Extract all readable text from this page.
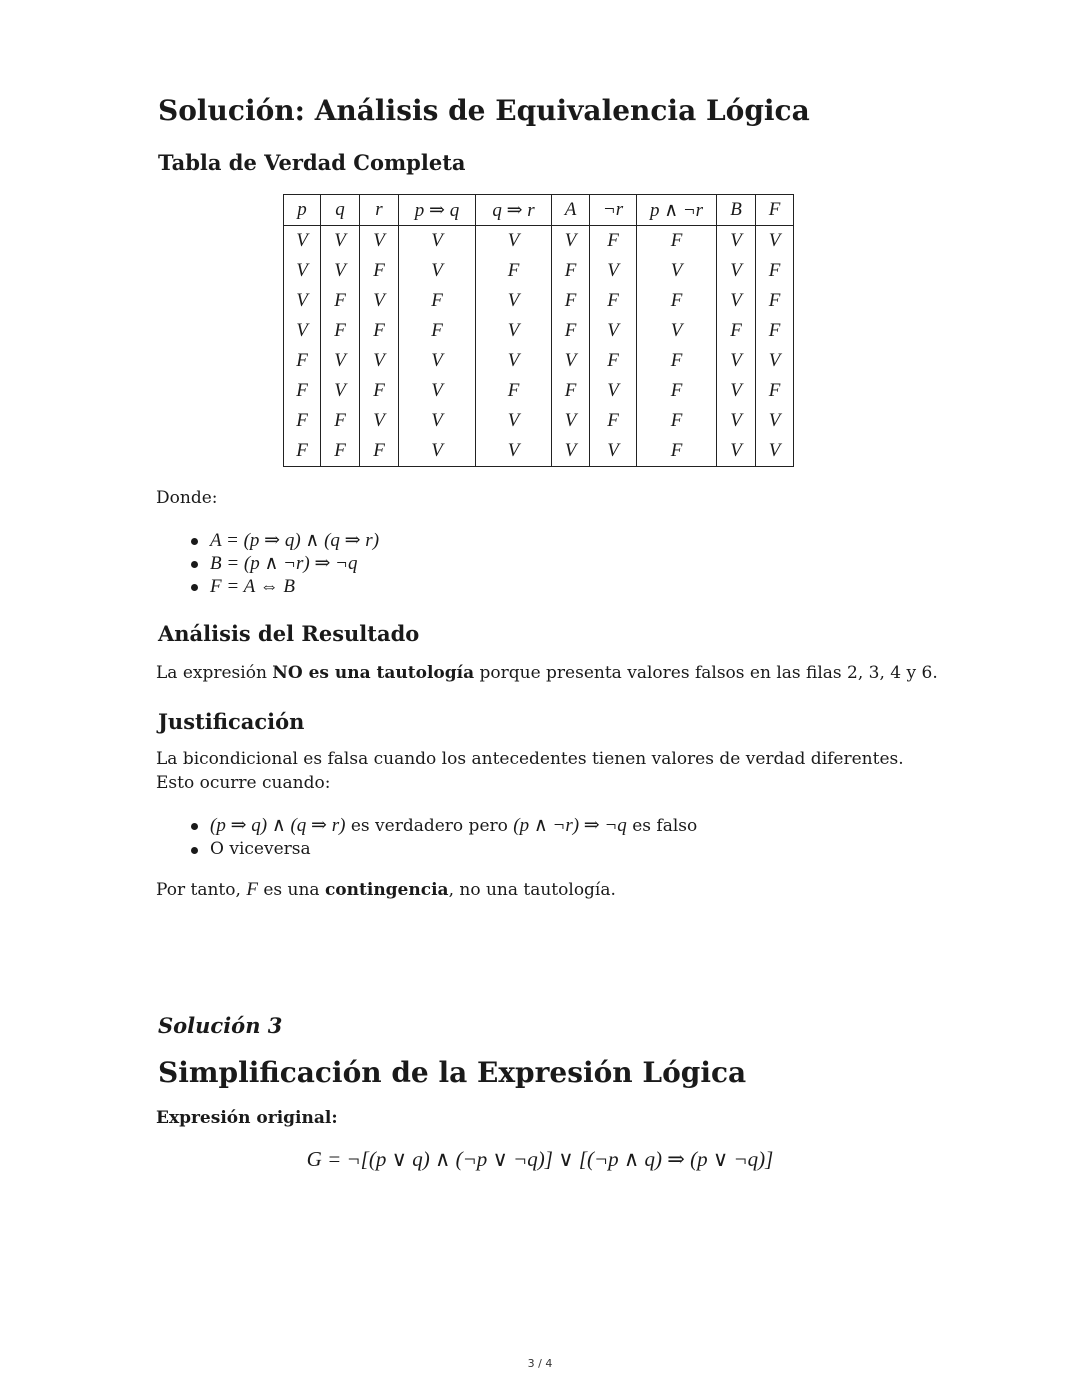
Solución: Análisis de Equivalencia Lógica
Tabla de Verdad Completa
p	q	r	p ⇒ q	q ⇒ r	A	¬r	p ∧ ¬r	B	F
V	V	V	V	V	V	F	F	V	V
V	V	F	V	F	F	V	V	V	F
V	F	V	F	V	F	F	F	V	F
V	F	F	F	V	F	V	V	F	F
F	V	V	V	V	V	F	F	V	V
F	V	F	V	F	F	V	F	V	F
F	F	V	V	V	V	F	F	V	V
F	F	F	V	V	V	V	F	V	V
Donde:
A = (p ⇒ q) ∧ (q ⇒ r)
B = (p ∧ ¬r) ⇒ ¬q
F = A ⇔ B
Análisis del Resultado
La expresión NO es una tautología porque presenta valores falsos en las filas 2, 3, 4 y 6.
Justificación
La bicondicional es falsa cuando los antecedentes tienen valores de verdad diferentes. Esto ocurre cuando:
(p ⇒ q) ∧ (q ⇒ r) es verdadero pero (p ∧ ¬r) ⇒ ¬q es falso
O viceversa
Por tanto, F es una contingencia, no una tautología.
Solución 3
Simplificación de la Expresión Lógica
Expresión original:
G = ¬[(p ∨ q) ∧ (¬p ∨ ¬q)] ∨ [(¬p ∧ q) ⇒ (p ∨ ¬q)]
3 / 4
